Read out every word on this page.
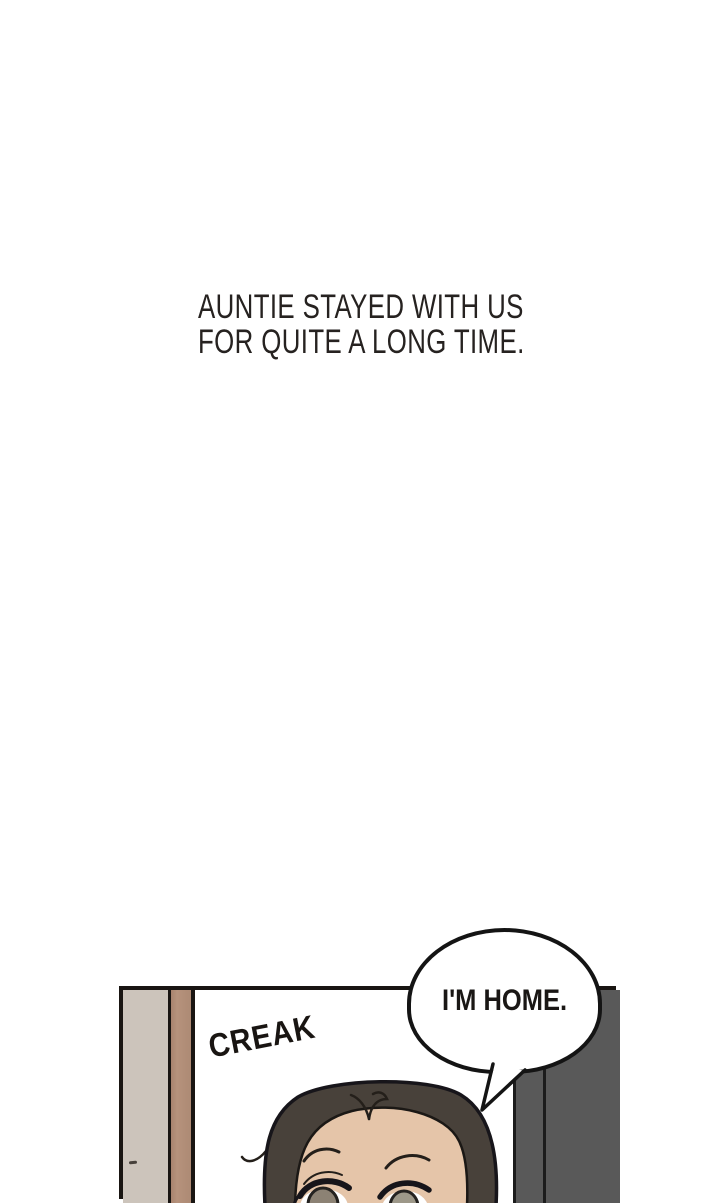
AUNTIE STAYED WITH US
FOR QUITE A LONG TIME.
CREAK
I'M HOME.
